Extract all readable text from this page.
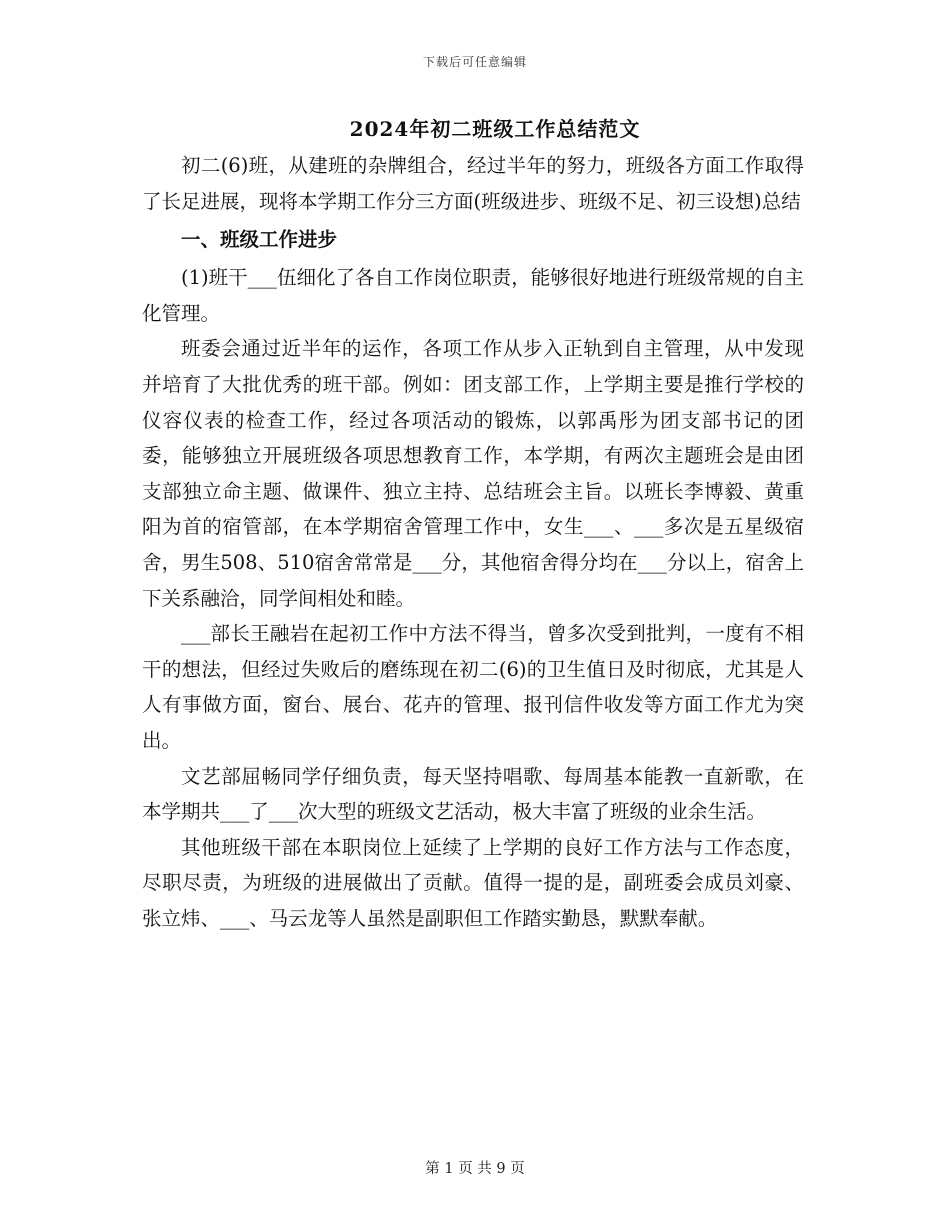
下载后可任意编辑
2024年初二班级工作总结范文

初二(6)班，从建班的杂牌组合，经过半年的努力，班级各方面工作取得了长足进展，现将本学期工作分三方面(班级进步、班级不足、初三设想)总结

一、班级工作进步

(1)班干___伍细化了各自工作岗位职责，能够很好地进行班级常规的自主化管理。

班委会通过近半年的运作，各项工作从步入正轨到自主管理，从中发现并培育了大批优秀的班干部。例如：团支部工作，上学期主要是推行学校的仪容仪表的检查工作，经过各项活动的锻炼，以郭禹彤为团支部书记的团委，能够独立开展班级各项思想教育工作，本学期，有两次主题班会是由团支部独立命主题、做课件、独立主持、总结班会主旨。以班长李博毅、黄重阳为首的宿管部，在本学期宿舍管理工作中，女生___、___多次是五星级宿舍，男生508、510宿舍常常是___分，其他宿舍得分均在___分以上，宿舍上下关系融洽，同学间相处和睦。

___部长王融岩在起初工作中方法不得当，曾多次受到批判，一度有不相干的想法，但经过失败后的磨练现在初二(6)的卫生值日及时彻底，尤其是人人有事做方面，窗台、展台、花卉的管理、报刊信件收发等方面工作尤为突出。

文艺部屈畅同学仔细负责，每天坚持唱歌、每周基本能教一直新歌，在本学期共___了___次大型的班级文艺活动，极大丰富了班级的业余生活。

其他班级干部在本职岗位上延续了上学期的良好工作方法与工作态度，尽职尽责，为班级的进展做出了贡献。值得一提的是，副班委会成员刘豪、张立炜、___、马云龙等人虽然是副职但工作踏实勤恳，默默奉献。

第 1 页 共 9 页
